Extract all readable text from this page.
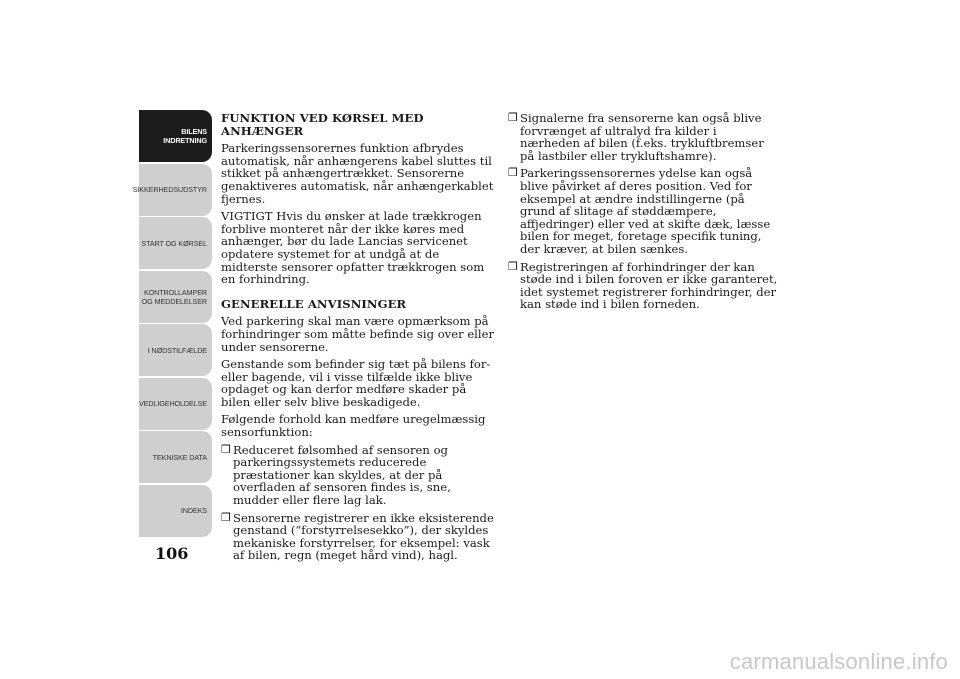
BILENS
INDRETNING
SIKKERHEDSUDSTYR
START OG KØRSEL
KONTROLLAMPER
OG MEDDELELSER
I NØDSTILFÆLDE
VEDLIGEHOLDELSE
TEKNISKE DATA
INDEKS
106
FUNKTION VED KØRSEL MED ANHÆNGER
Parkeringssensorernes funktion afbrydes automatisk, når anhængerens kabel sluttes til stikket på anhængertrækket. Sensorerne genaktiveres automatisk, når anhængerkablet fjernes.
VIGTIGT Hvis du ønsker at lade trækkrogen forblive monteret når der ikke køres med anhænger, bør du lade Lancias servicenet opdatere systemet for at undgå at de midterste sensorer opfatter trækkrogen som en forhindring.
GENERELLE ANVISNINGER
Ved parkering skal man være opmærksom på forhindringer som måtte befinde sig over eller under sensorerne.
Genstande som befinder sig tæt på bilens for- eller bagende, vil i visse tilfælde ikke blive opdaget og kan derfor medføre skader på bilen eller selv blive beskadigede.
Følgende forhold kan medføre uregelmæssig sensorfunktion:
❒ Reduceret følsomhed af sensoren og parkeringssystemets reducerede præstationer kan skyldes, at der på overfladen af sensoren findes is, sne, mudder eller flere lag lak.
❒ Sensorerne registrerer en ikke eksisterende genstand (“forstyrrelsesekko”), der skyldes mekaniske forstyrrelser, for eksempel: vask af bilen, regn (meget hård vind), hagl.
❒ Signalerne fra sensorerne kan også blive forvrænget af ultralyd fra kilder i nærheden af bilen (f.eks. trykluftbremser på lastbiler eller trykluftshamre).
❒ Parkeringssensorernes ydelse kan også blive påvirket af deres position. Ved for eksempel at ændre indstillingerne (på grund af slitage af støddæmpere, affjedringer) eller ved at skifte dæk, læsse bilen for meget, foretage specifik tuning, der kræver, at bilen sænkes.
❒ Registreringen af forhindringer der kan støde ind i bilen foroven er ikke garanteret, idet systemet registrerer forhindringer, der kan støde ind i bilen forneden.
carmanualsonline.info
